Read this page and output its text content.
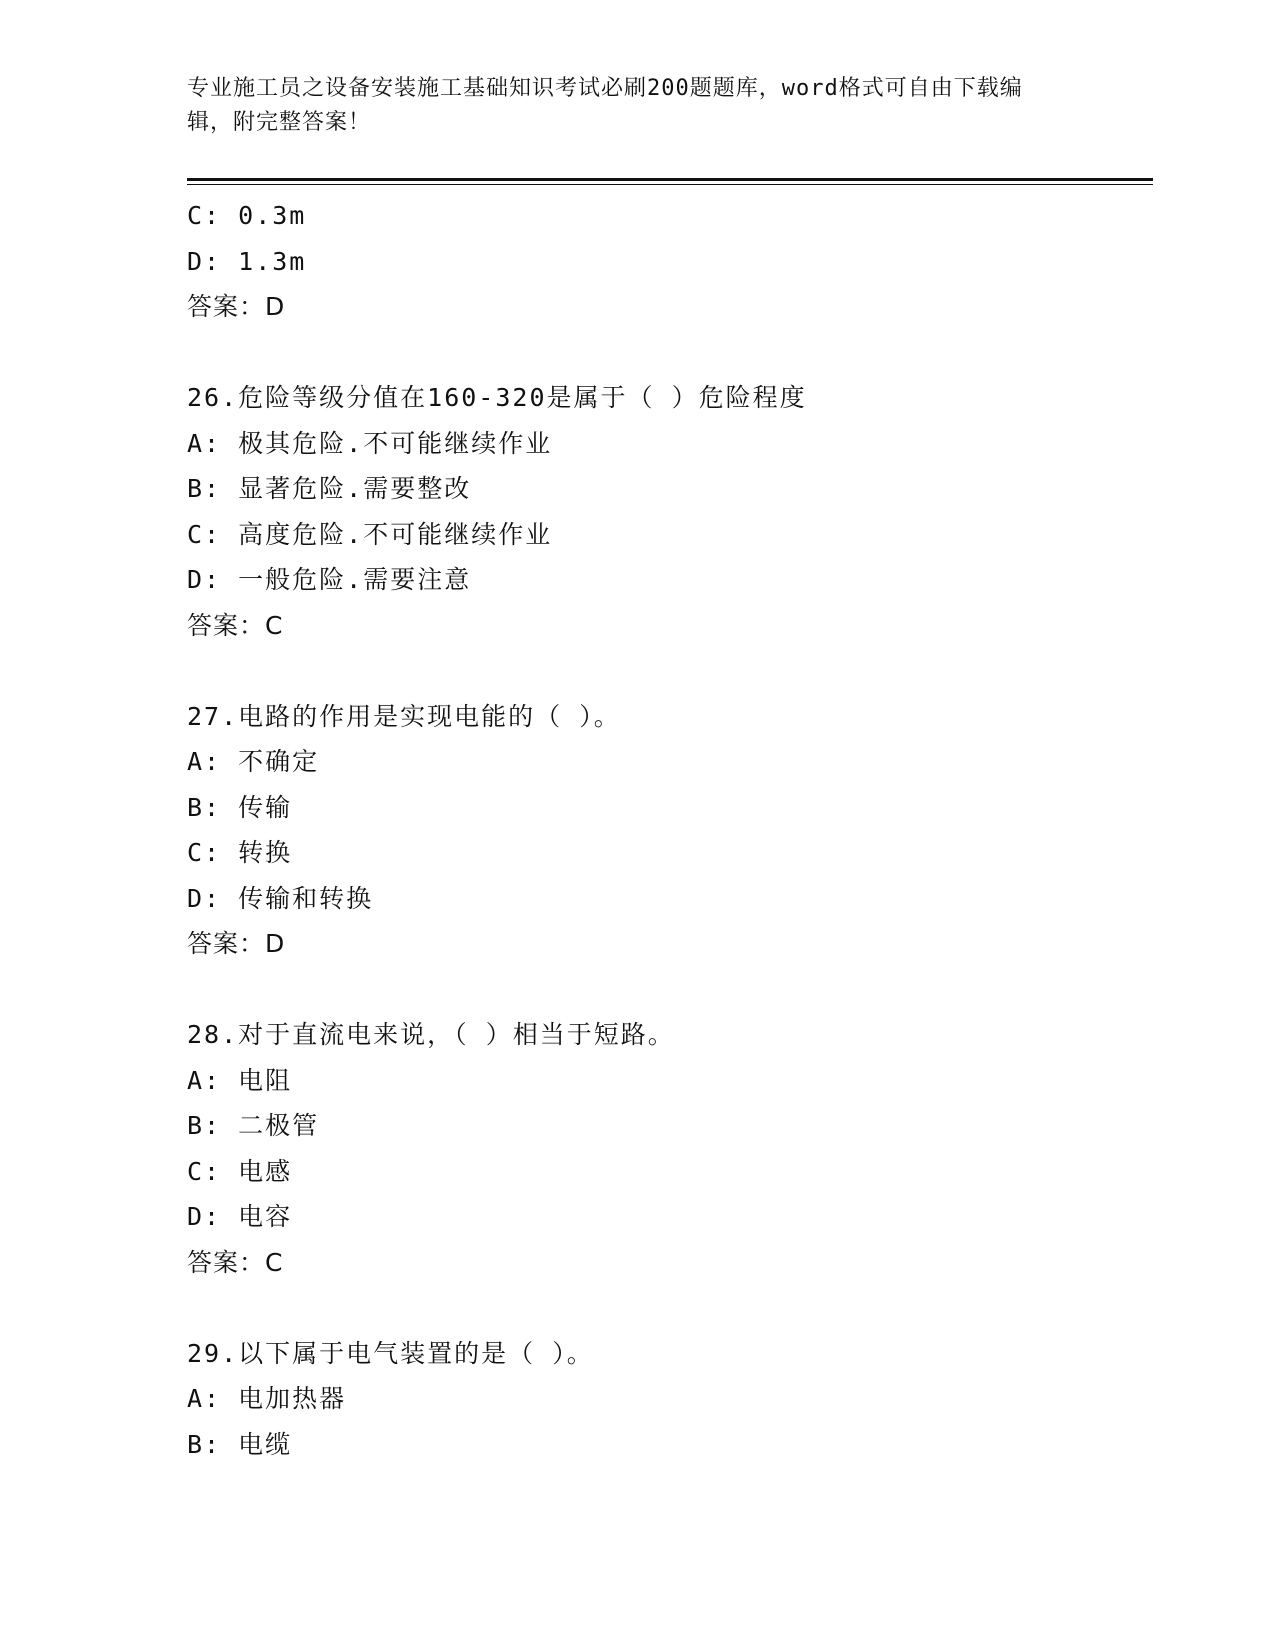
专业施工员之设备安装施工基础知识考试必刷200题题库，word格式可自由下载编辑，附完整答案！
C: 0.3m
D: 1.3m
答案：D
26.危险等级分值在160-320是属于（ ）危险程度
A: 极其危险.不可能继续作业
B: 显著危险.需要整改
C: 高度危险.不可能继续作业
D: 一般危险.需要注意
答案：C
27.电路的作用是实现电能的（ ）。
A: 不确定
B: 传输
C: 转换
D: 传输和转换
答案：D
28.对于直流电来说，（ ）相当于短路。
A: 电阻
B: 二极管
C: 电感
D: 电容
答案：C
29.以下属于电气装置的是（ ）。
A: 电加热器
B: 电缆
